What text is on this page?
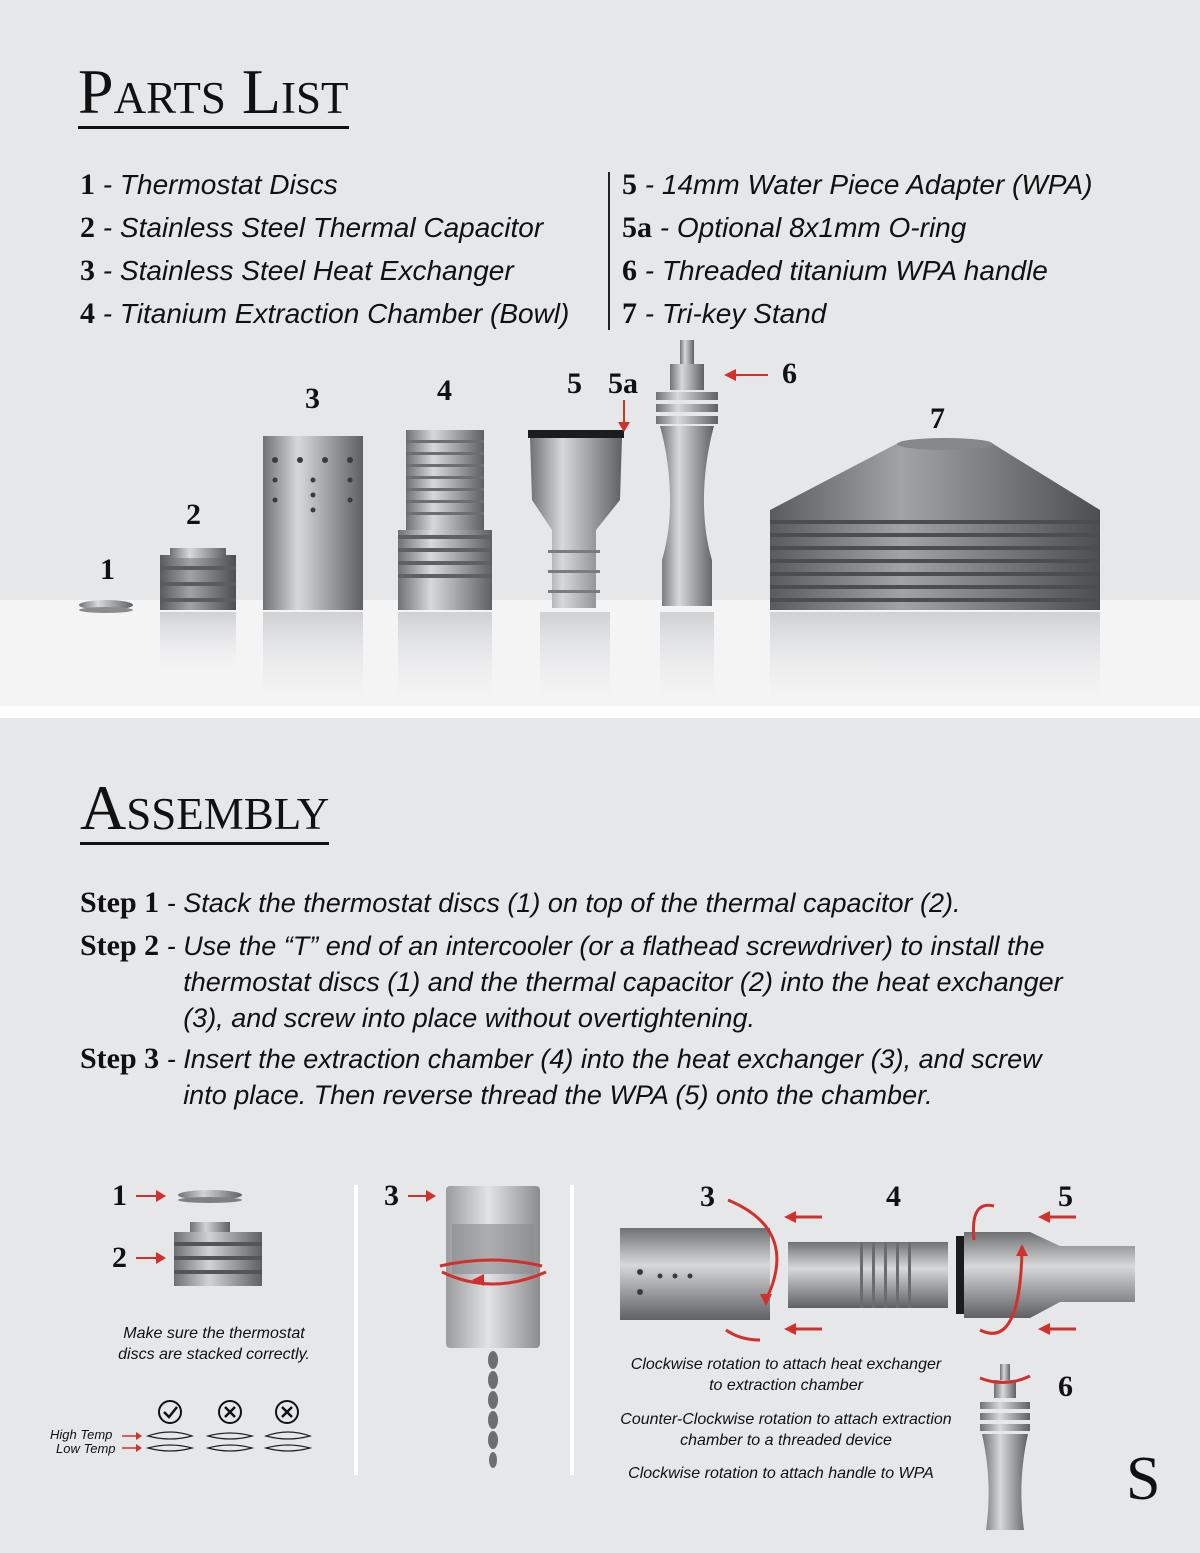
Parts List
1 - Thermostat Discs
2 - Stainless Steel Thermal Capacitor
3 - Stainless Steel Heat Exchanger
4 - Titanium Extraction Chamber (Bowl)
5 - 14mm Water Piece Adapter (WPA)
5a - Optional 8x1mm O-ring
6 - Threaded titanium WPA handle
7 - Tri-key Stand
1
2
3	4	5 5a	6
7
Assembly
Step 1 - Stack the thermostat discs (1) on top of the thermal capacitor (2).
Step 2 - Use the “T” end of an intercooler (or a flathead screwdriver) to install the thermostat discs (1) and the thermal capacitor (2) into the heat exchanger (3), and screw into place without overtightening.
Step 3 - Insert the extraction chamber (4) into the heat exchanger (3), and screw into place. Then reverse thread the WPA (5) onto the chamber.
1
2
Make sure the thermostat discs are stacked correctly.
High Temp
Low Temp
3	3	4	5
6
Clockwise rotation to attach heat exchanger to extraction chamber
Counter-Clockwise rotation to attach extraction chamber to a threaded device
Clockwise rotation to attach handle to WPA	S
